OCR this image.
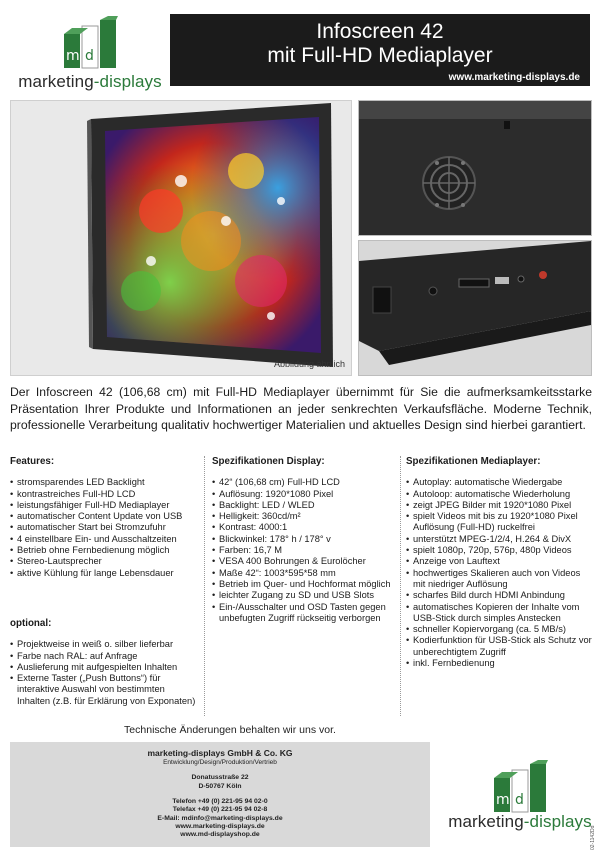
m d
marketing-displays
Infoscreen 42
mit Full-HD Mediaplayer
www.marketing-displays.de
Abbildung ähnlich
Der Infoscreen 42 (106,68 cm) mit Full-HD Mediaplayer übernimmt für Sie die aufmerksamkeitsstarke Präsentation Ihrer Produkte und Informationen an jeder senkrechten Verkaufsfläche. Moderne Technik, professionelle Verarbeitung qualitativ hochwertiger Materialien und aktuelles Design sind hierbei garantiert.
Features:
• stromsparendes LED Backlight
• kontrastreiches Full-HD LCD
• leistungsfähiger Full-HD Mediaplayer
• automatischer Content Update von USB
• automatischer Start bei Stromzufuhr
• 4 einstellbare Ein- und Ausschaltzeiten
• Betrieb ohne Fernbedienung möglich
• Stereo-Lautsprecher
• aktive Kühlung für lange Lebensdauer
optional:
• Projektweise in weiß o. silber lieferbar
• Farbe nach RAL: auf Anfrage
• Auslieferung mit aufgespielten Inhalten
• Externe Taster („Push Buttons“) für interaktive Auswahl von bestimmten Inhalten (z.B. für Erklärung von Exponaten)
Spezifikationen Display:
• 42“ (106,68 cm) Full-HD LCD
• Auflösung: 1920*1080 Pixel
• Backlight: LED / WLED
• Helligkeit: 360cd/m²
• Kontrast: 4000:1
• Blickwinkel: 178° h / 178° v
• Farben: 16,7 M
• VESA 400 Bohrungen & Eurolöcher
• Maße 42“: 1003*595*58 mm
• Betrieb im Quer- und Hochformat möglich
• leichter Zugang zu SD und USB Slots
• Ein-/Ausschalter und OSD Tasten gegen unbefugten Zugriff rückseitig verborgen
Spezifikationen Mediaplayer:
• Autoplay: automatische Wiedergabe
• Autoloop: automatische Wiederholung
• zeigt JPEG Bilder mit 1920*1080 Pixel
• spielt Videos mit bis zu 1920*1080 Pixel Auflösung (Full-HD) ruckelfrei
• unterstützt MPEG-1/2/4, H.264 & DivX
• spielt 1080p, 720p, 576p, 480p Videos
• Anzeige von Lauftext
• hochwertiges Skalieren auch von Videos mit niedriger Auflösung
• scharfes Bild durch HDMI Anbindung
• automatisches Kopieren der Inhalte vom USB-Stick durch simples Anstecken
• schneller Kopiervorgang (ca. 5 MB/s)
• Kodierfunktion für USB-Stick als Schutz vor unberechtigtem Zugriff
• inkl. Fernbedienung
Technische Änderungen behalten wir uns vor.
marketing-displays GmbH & Co. KG
Entwicklung/Design/Produktion/Vertrieb
Donatusstraße 22
D-50767 Köln
Telefon +49 (0) 221-95 94 02-0
Telefax +49 (0) 221-95 94 02-8
E-Mail: mdinfo@marketing-displays.de
www.marketing-displays.de
www.md-displayshop.de
m d
marketing-displays
02-1142Dd
